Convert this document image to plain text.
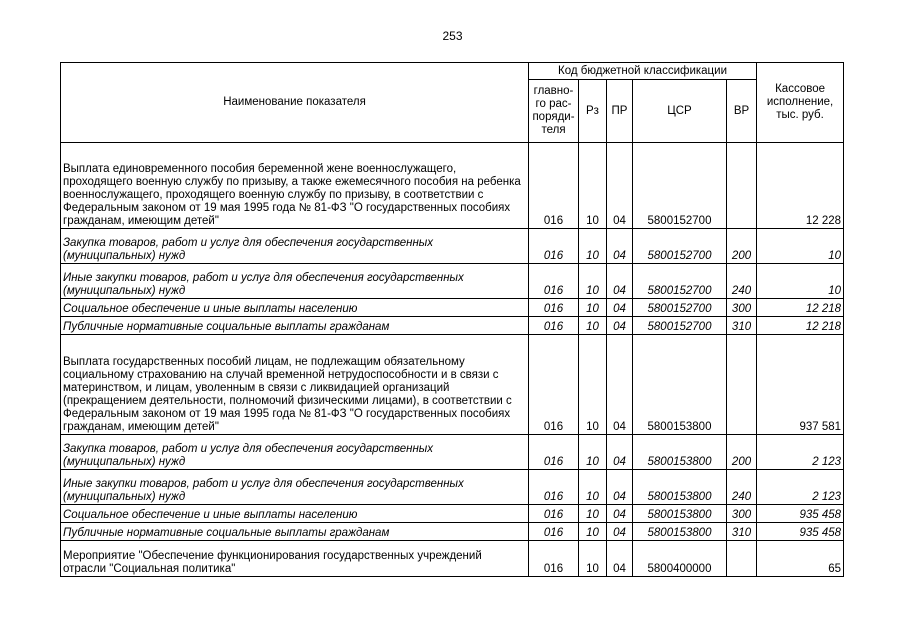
253
Наименование показателя	Код бюджетной классификации					Кассовое исполнение, тыс. руб.
	главно-го рас-поряди-теля	Рз	ПР	ЦСР	ВР	
Выплата единовременного пособия беременной жене военнослужащего, проходящего военную службу по призыву, а также ежемесячного пособия на ребенка военнослужащего, проходящего военную службу по призыву, в соответствии с Федеральным законом от 19 мая 1995 года № 81-ФЗ "О государственных пособиях гражданам, имеющим детей"	016	10	04	5800152700		12 228
Закупка товаров, работ и услуг для обеспечения государственных (муниципальных) нужд	016	10	04	5800152700	200	10
Иные закупки товаров, работ и услуг для обеспечения государственных (муниципальных) нужд	016	10	04	5800152700	240	10
Социальное обеспечение и иные выплаты населению	016	10	04	5800152700	300	12 218
Публичные нормативные социальные выплаты гражданам	016	10	04	5800152700	310	12 218
Выплата государственных пособий лицам, не подлежащим обязательному социальному страхованию на случай временной нетрудоспособности и в связи с материнством, и лицам, уволенным в связи с ликвидацией организаций (прекращением деятельности, полномочий физическими лицами), в соответствии с Федеральным законом от 19 мая 1995 года № 81-ФЗ "О государственных пособиях гражданам, имеющим детей"	016	10	04	5800153800		937 581
Закупка товаров, работ и услуг для обеспечения государственных (муниципальных) нужд	016	10	04	5800153800	200	2 123
Иные закупки товаров, работ и услуг для обеспечения государственных (муниципальных) нужд	016	10	04	5800153800	240	2 123
Социальное обеспечение и иные выплаты населению	016	10	04	5800153800	300	935 458
Публичные нормативные социальные выплаты гражданам	016	10	04	5800153800	310	935 458
Мероприятие "Обеспечение функционирования государственных учреждений отрасли "Социальная политика"	016	10	04	5800400000		65
